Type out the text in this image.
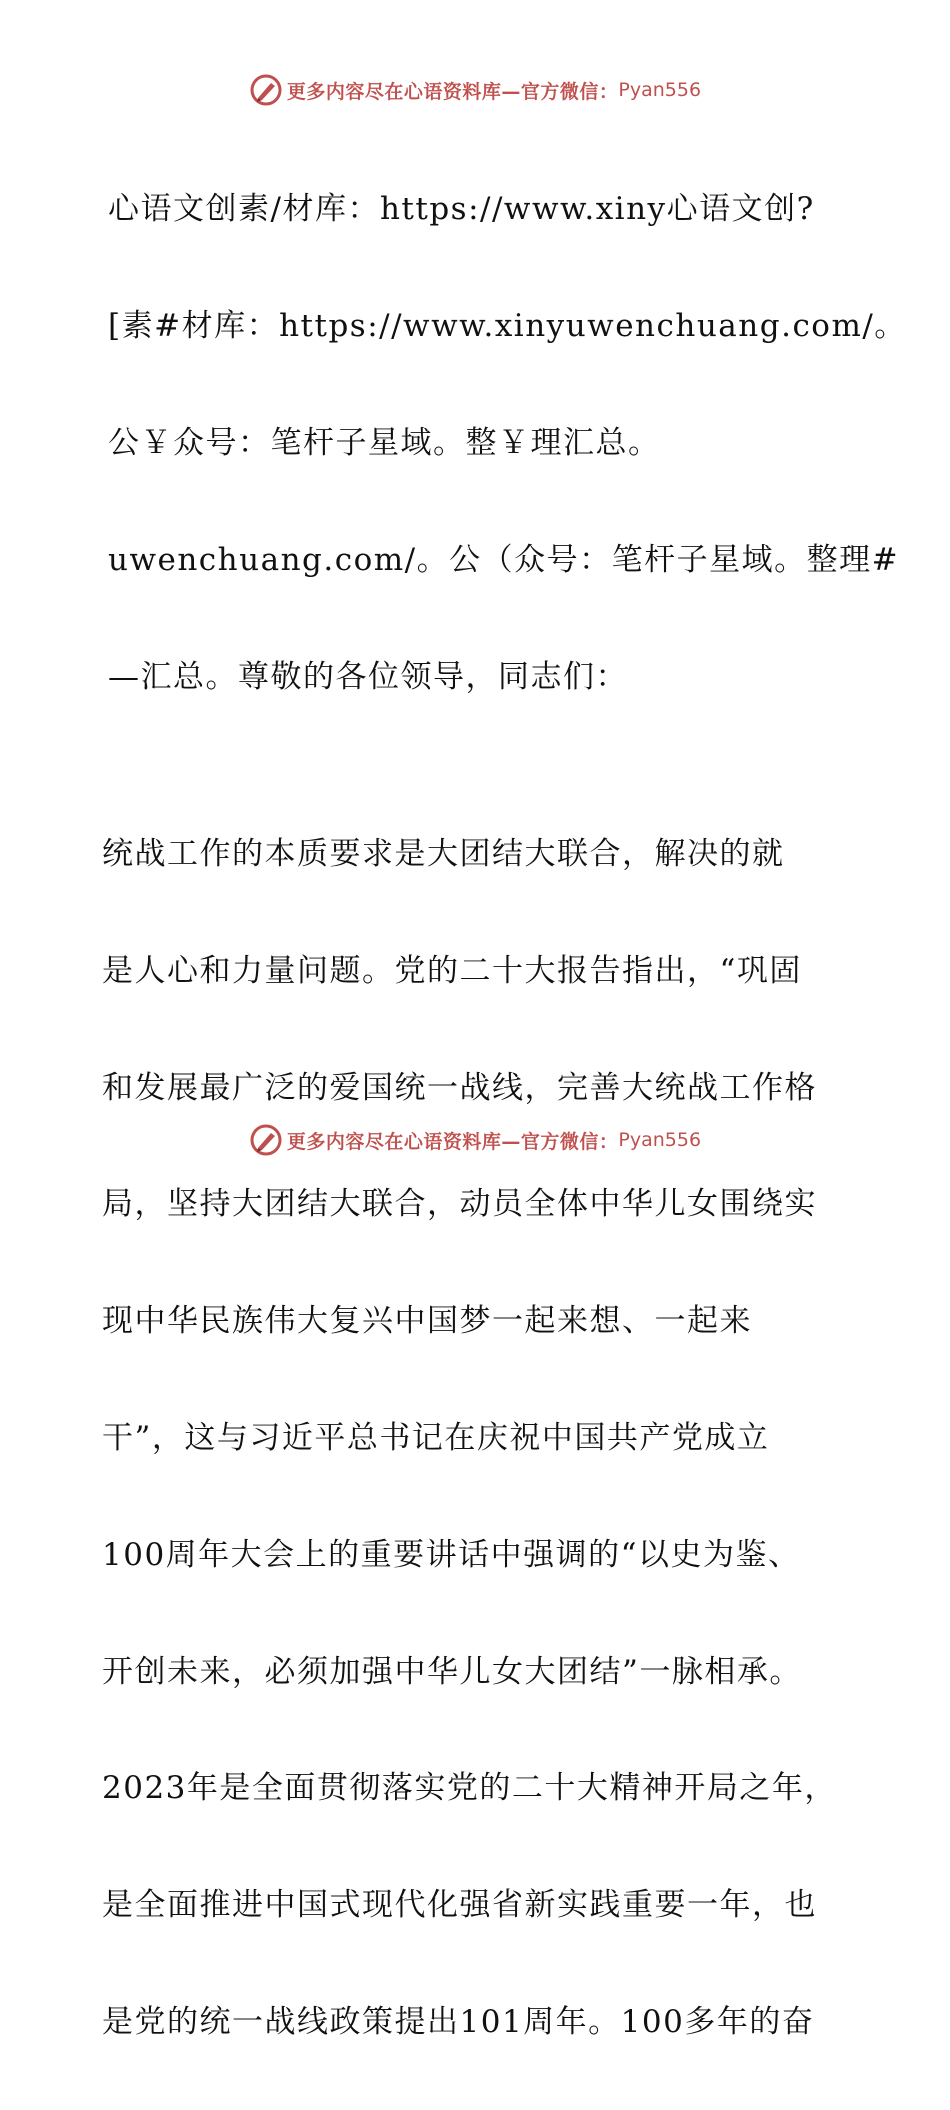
更多内容尽在心语资料库—官方微信： Pyan556

心语文创素/材库：https://www.xiny心语文创?

[素#材库：https://www.xinyuwenchuang.com/。

公￥众号：笔杆子星域。整￥理汇总。

uwenchuang.com/。公（众号：笔杆子星域。整理#

—汇总。尊敬的各位领导，同志们：

统战工作的本质要求是大团结大联合，解决的就

是人心和力量问题。党的二十大报告指出，“巩固

和发展最广泛的爱国统一战线，完善大统战工作格

局，坚持大团结大联合，动员全体中华儿女围绕实

现中华民族伟大复兴中国梦一起来想、一起来

干”，这与习近平总书记在庆祝中国共产党成立

100周年大会上的重要讲话中强调的“以史为鉴、

开创未来，必须加强中华儿女大团结”一脉相承。

2023年是全面贯彻落实党的二十大精神开局之年，

是全面推进中国式现代化强省新实践重要一年，也

是党的统一战线政策提出101周年。100多年的奋

更多内容尽在心语资料库—官方微信： Pyan556
